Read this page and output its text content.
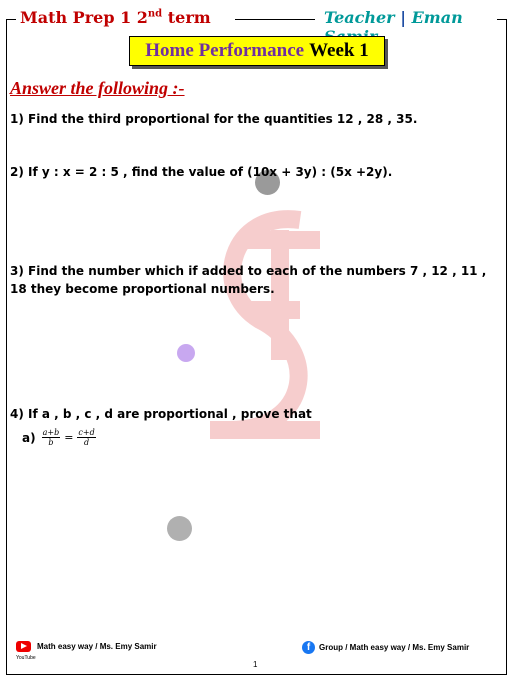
Math Prep 1 2nd term	Teacher | Eman
Home Performance Week 1
Answer the following :-
1) Find the third proportional for the quantities 12 , 28 , 35.
2) If y : x = 2 : 5 , find the value of (10x + 3y) : (5x +2y).
3) Find the number which if added to each of the numbers 7 , 12 , 11 , 18 they become proportional numbers.
4) If a , b , c , d are proportional , prove that
$a) \frac{a+b}{b} = \frac{c+d}{d}$
Math easy way / Ms. Emy Samir
YouTube
f	Group / Math easy way / Ms. Emy Samir
1
